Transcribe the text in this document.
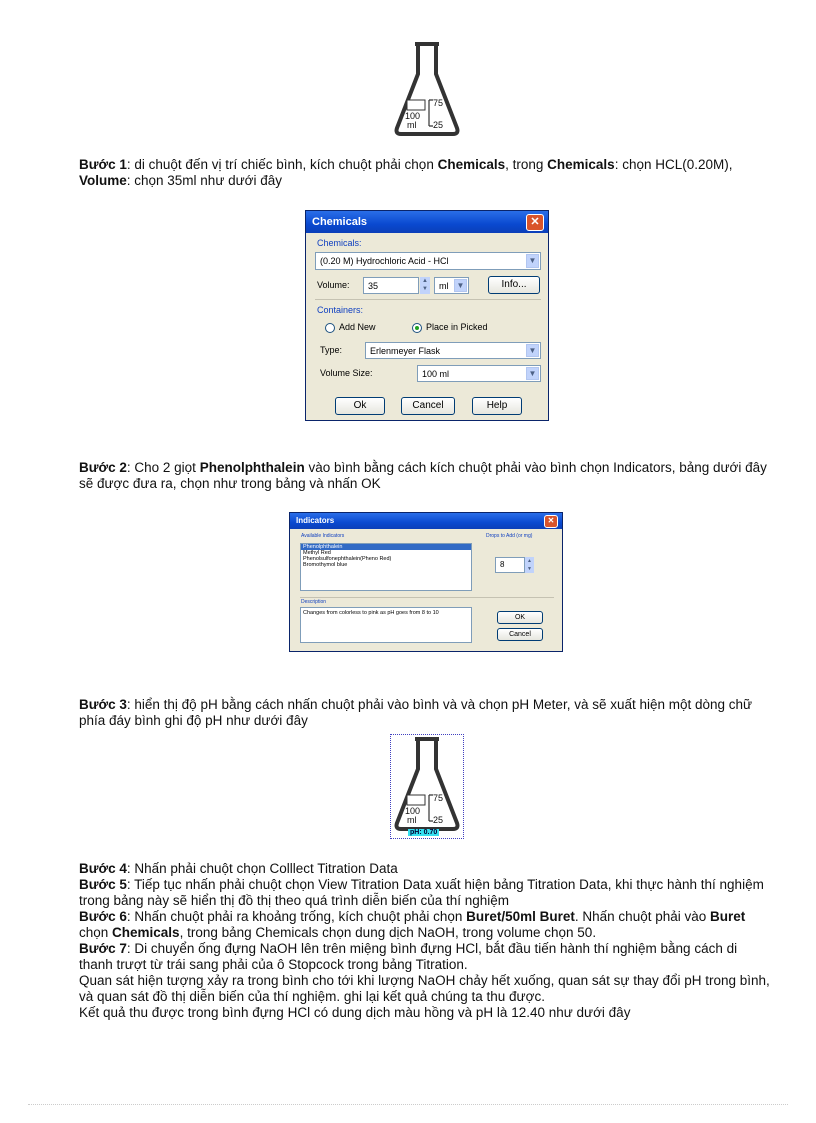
75
25
100
ml
Bước 1: di chuột đến vị trí chiếc bình, kích chuột phải chọn Chemicals, trong Chemicals: chọn HCL(0.20M), Volume: chọn 35ml như dưới đây
Chemicals	✕
Chemicals:
(0.20 M) Hydrochloric Acid - HCl	▼
Volume:	35	▲
▼	ml	▼	Info...
Containers:
Add New	Place in Picked
Type:	Erlenmeyer Flask	▼
Volume Size:	100 ml	▼
Ok	Cancel	Help
Bước 2: Cho 2 giọt Phenolphthalein vào bình bằng cách kích chuột phải vào bình chọn Indicators, bảng dưới đây sẽ được đưa ra, chọn như trong bảng và nhấn OK
Indicators	✕
Available Indicators
Phenolphthalein
Methyl Red
Phenolsulfonephthalein(Pheno Red)
Bromothymol blue
Drops to Add (or mg)
8	▲
▼
Description
Changes from colorless to pink as pH goes from 8 to 10
OK
Cancel
Bước 3: hiển thị độ pH bằng cách nhấn chuột phải vào bình và và chọn pH Meter, và sẽ xuất hiện một dòng chữ phía đáy bình ghi độ pH như dưới đây
75
25
100
ml
pH: 0.70
Bước 4: Nhấn phải chuột chọn Colllect Titration Data
Bước 5: Tiếp tục nhấn phải chuột chọn View Titration Data xuất hiện bảng Titration Data, khi thực hành thí nghiệm trong bảng này sẽ hiển thị đồ thị theo quá trình diễn biến của thí nghiệm
Bước 6: Nhấn chuột phải ra khoảng trống, kích chuột phải chọn Buret/50ml Buret. Nhấn chuột phải vào Buret chọn Chemicals, trong bảng Chemicals chọn dung dịch NaOH, trong volume chọn 50.
Bước 7: Di chuyển ống đựng NaOH lên trên miệng bình đựng HCl, bắt đầu tiến hành thí nghiệm bằng cách di thanh trượt từ trái sang phải của ô Stopcock trong bảng Titration.
Quan sát hiện tượng xảy ra trong bình cho tới khi lượng NaOH chảy hết xuống, quan sát sự thay đổi pH trong bình, và quan sát đồ thị diễn biến của thí nghiệm. ghi lại kết quả chúng ta thu được.
Kết quả thu được trong bình đựng HCl có dung dịch màu hồng và pH là 12.40 như dưới đây
